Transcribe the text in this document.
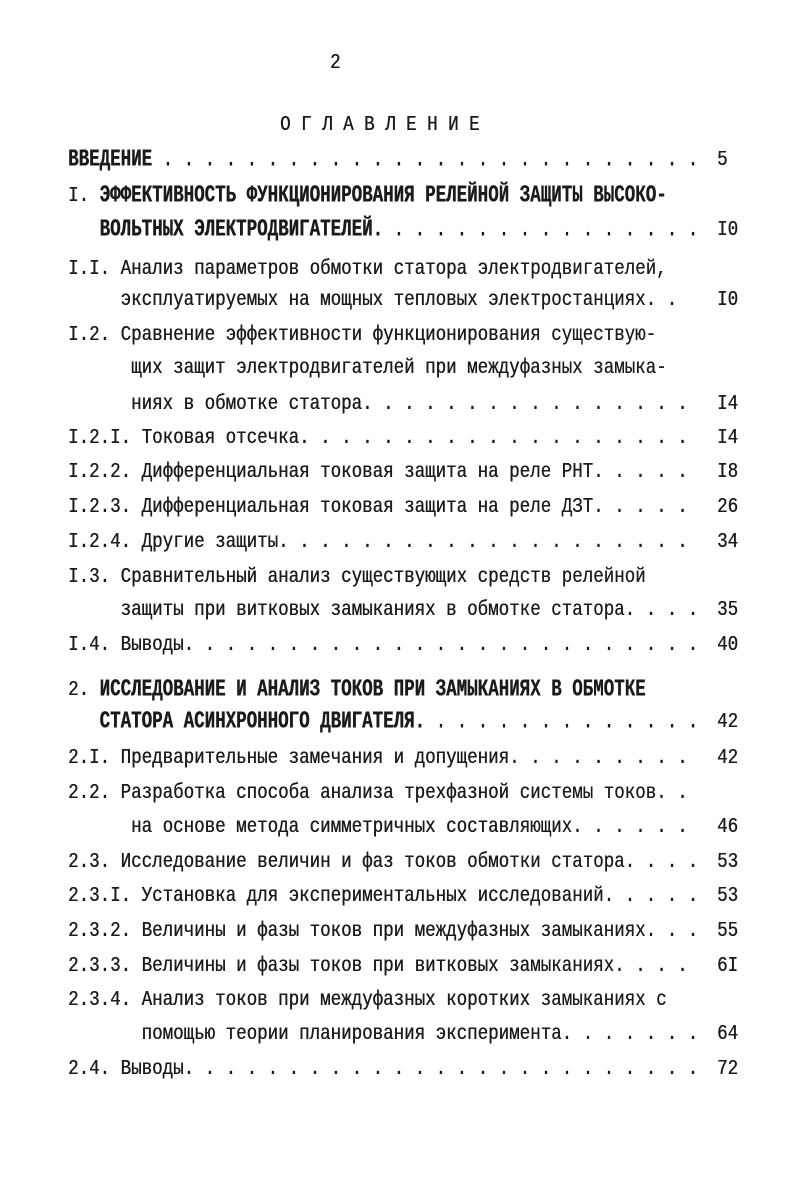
2
О Г Л А В Л Е Н И Е
ВВЕДЕНИЕ . . . . . . . . . . . . . . . . . . . . . . . . . . 5
I. ЭФФЕКТИВНОСТЬ ФУНКЦИОНИРОВАНИЯ РЕЛЕЙНОЙ ЗАЩИТЫ ВЫСОКО-
ВОЛЬТНЫХ ЭЛЕКТРОДВИГАТЕЛЕЙ. . . . . . . . . . . . . . . . I0
I.I. Анализ параметров обмотки статора электродвигателей,
эксплуатируемых на мощных тепловых электростанциях. . I0
I.2. Сравнение эффективности функционирования существую-
щих защит электродвигателей при междуфазных замыка-
ниях в обмотке статора. . . . . . . . . . . . . . . . I4
I.2.I. Токовая отсечка. . . . . . . . . . . . . . . . . . . I4
I.2.2. Дифференциальная токовая защита на реле РНТ. . . . . I8
I.2.3. Дифференциальная токовая защита на реле ДЗТ. . . . . 26
I.2.4. Другие защиты. . . . . . . . . . . . . . . . . . . . 34
I.3. Сравнительный анализ существующих средств релейной
защиты при витковых замыканиях в обмотке статора. . . . 35
I.4. Выводы. . . . . . . . . . . . . . . . . . . . . . . . . 40
2. ИССЛЕДОВАНИЕ И АНАЛИЗ ТОКОВ ПРИ ЗАМЫКАНИЯХ В ОБМОТКЕ
СТАТОРА АСИНХРОННОГО ДВИГАТЕЛЯ. . . . . . . . . . . . . . 42
2.I. Предварительные замечания и допущения. . . . . . . . . 42
2.2. Разработка способа анализа трехфазной системы токов. .
на основе метода симметричных составляющих. . . . . . 46
2.3. Исследование величин и фаз токов обмотки статора. . . . 53
2.3.I. Установка для экспериментальных исследований. . . . . 53
2.3.2. Величины и фазы токов при междуфазных замыканиях. . . 55
2.3.3. Величины и фазы токов при витковых замыканиях. . . . 6I
2.3.4. Анализ токов при междуфазных коротких замыканиях с
помощью теории планирования эксперимента. . . . . . . 64
2.4. Выводы. . . . . . . . . . . . . . . . . . . . . . . . . 72
